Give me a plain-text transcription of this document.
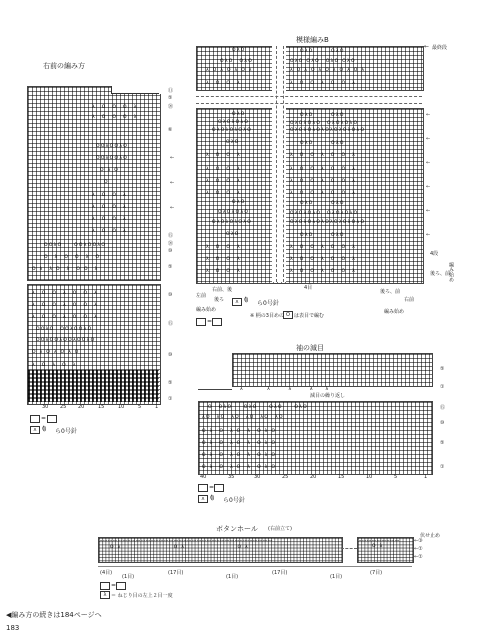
右前の編み方
λ　O　O　O　λ
λ　O　O　O　λ
OOλOOλO
OOλOOλO
O λ O
O
λ　O　O　λ
λ　O　O　λ
λ　O　O　λ
λ　O　O　λ
OOλO　　OOλOOλO
O　λ　O　O　λ　O
O λ　λ O　λ　O O　λ
⑪
⑤
⑳
⑥
←
←
←
⑮
⑳
⑩
⑤
λ　O　O　λ　O　O　λ
λ　O　O　λ　O　O　λ
λ　O　O　λ　O　O　λ
OOλO　OOλOOλO
OOλOOλOOλOOλO
O λ O λ O λ O
λ　O　λ　O　λ
⑩
⑮
⑩
⑤
①
30 25 20	15	10	5	1
=
ᴧ ⟬⟭ ら0号針
模様編みB
最終段
←
OλO
OλO　OλO
λ O λ O λ O λ
λ　O　O　λ
OλO　　　OλO
OλO OλO　OλO OλO
λ O λ O λ O λ O λ O λ
λ　O　O　λ　O　O　λ
OλO
OλOλOλO
OλOλOλOλO
OλO
λ　O　O　λ
λ　O　O　λ
λ　O　O　λ
λ　O　O　λ
OλO
OλOλOλO
OλOλOλOλO
OλO
λ　O　O　λ
λ　O　O　λ
λ　O　O　λ
OλO　　　OλO
OλOλOλO　OλOλOλO
OλOλOλOλOλOλOλOλO
OλO　　　OλO
λ　O　O　λ　O　O　λ
λ　O　O　λ　O　O　λ
λ　O　O　λ　O　O　λ
λ　O　O　λ　O　O　λ
OλO　　　OλO
OλOλOλO　OλOλOλO
OλOλOλOλOλOλOλOλO
OλO　　　OλO
λ　O　O　λ　O　O　λ
λ　O　O　λ　O　O　λ
λ　O　O　λ　O　O　λ
←
←
←
←
←
←
4段
編み始め
後ろ、前
左前
右前、後
後ろ
編み始め
後ろ、前
右前
編み始め
4目
ᴧ ⟬⟭
ら0号針
※ 柄の3目めの O は表目で編む
=
袖の減目
減目の繰り返し
λ　　　　λ　　　λ　　　λ　　λ
O　OλO　　OλO　　OλO　　OλO
λO　λO　λO　λO　λO　λO
O λ　O　λ O　λ　O λ O
O λ　O　λ O　λ　O λ O
O λ　O　λ O　λ　O λ O
O λ　O　λ O　λ　O λ O
⑤
①
⑮
⑩
⑤
①
40	35	30	25	20	15	10	5	1
=
ᴧ ⟬⟭ ら0号針
ボタンホール (右前立て)
ᴗᴗᴗᴗᴗᴗᴗᴗᴗᴗᴗᴗᴗᴗᴗᴗᴗᴗᴗᴗᴗᴗᴗᴗᴗᴗᴗᴗᴗᴗᴗᴗᴗᴗᴗᴗᴗᴗᴗᴗᴗᴗᴗᴗᴗᴗᴗᴗᴗᴗᴗᴗᴗᴗᴗᴗᴗᴗᴗᴗᴗᴗᴗᴗᴗᴗᴗᴗ	ᴗᴗᴗᴗᴗᴗᴗᴗᴗᴗᴗᴗᴗᴗᴗᴗ
O λ　　　　　　　　　O λ　　　　　　　　　O λ	O λ
伏せ止め
←③
←①
←①
(4目)
(1目)
(17目)
(1目)
(17目)
(1目)
(7目)
=
λ ＝ ねじり目の左上２目一度
◀編み方の続きは184ページへ
183
